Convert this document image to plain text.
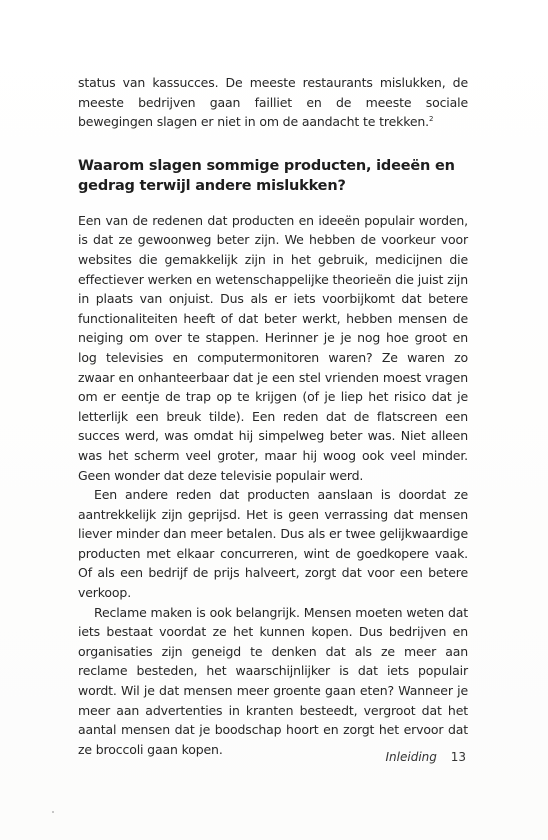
status van kassucces. De meeste restaurants mislukken, de meeste bedrijven gaan failliet en de meeste sociale bewegingen slagen er niet in om de aandacht te trekken.$^2$

Waarom slagen sommige producten, ideeën en gedrag terwijl andere mislukken?

Een van de redenen dat producten en ideeën populair worden, is dat ze gewoonweg beter zijn. We hebben de voorkeur voor websites die gemakkelijk zijn in het gebruik, medicijnen die effectiever werken en wetenschappelijke theorieën die juist zijn in plaats van onjuist. Dus als er iets voorbijkomt dat betere functionaliteiten heeft of dat beter werkt, hebben mensen de neiging om over te stappen. Herinner je je nog hoe groot en log televisies en computermonitoren waren? Ze waren zo zwaar en onhanteerbaar dat je een stel vrienden moest vragen om er eentje de trap op te krijgen (of je liep het risico dat je letterlijk een breuk tilde). Een reden dat de flatscreen een succes werd, was omdat hij simpelweg beter was. Niet alleen was het scherm veel groter, maar hij woog ook veel minder. Geen wonder dat deze televisie populair werd.

Een andere reden dat producten aanslaan is doordat ze aantrekkelijk zijn geprijsd. Het is geen verrassing dat mensen liever minder dan meer betalen. Dus als er twee gelijkwaardige producten met elkaar concurreren, wint de goedkopere vaak. Of als een bedrijf de prijs halveert, zorgt dat voor een betere verkoop.

Reclame maken is ook belangrijk. Mensen moeten weten dat iets bestaat voordat ze het kunnen kopen. Dus bedrijven en organisaties zijn geneigd te denken dat als ze meer aan reclame besteden, het waarschijnlijker is dat iets populair wordt. Wil je dat mensen meer groente gaan eten? Wanneer je meer aan advertenties in kranten besteedt, vergroot dat het aantal mensen dat je boodschap hoort en zorgt het ervoor dat ze broccoli gaan kopen.

Inleiding 13
